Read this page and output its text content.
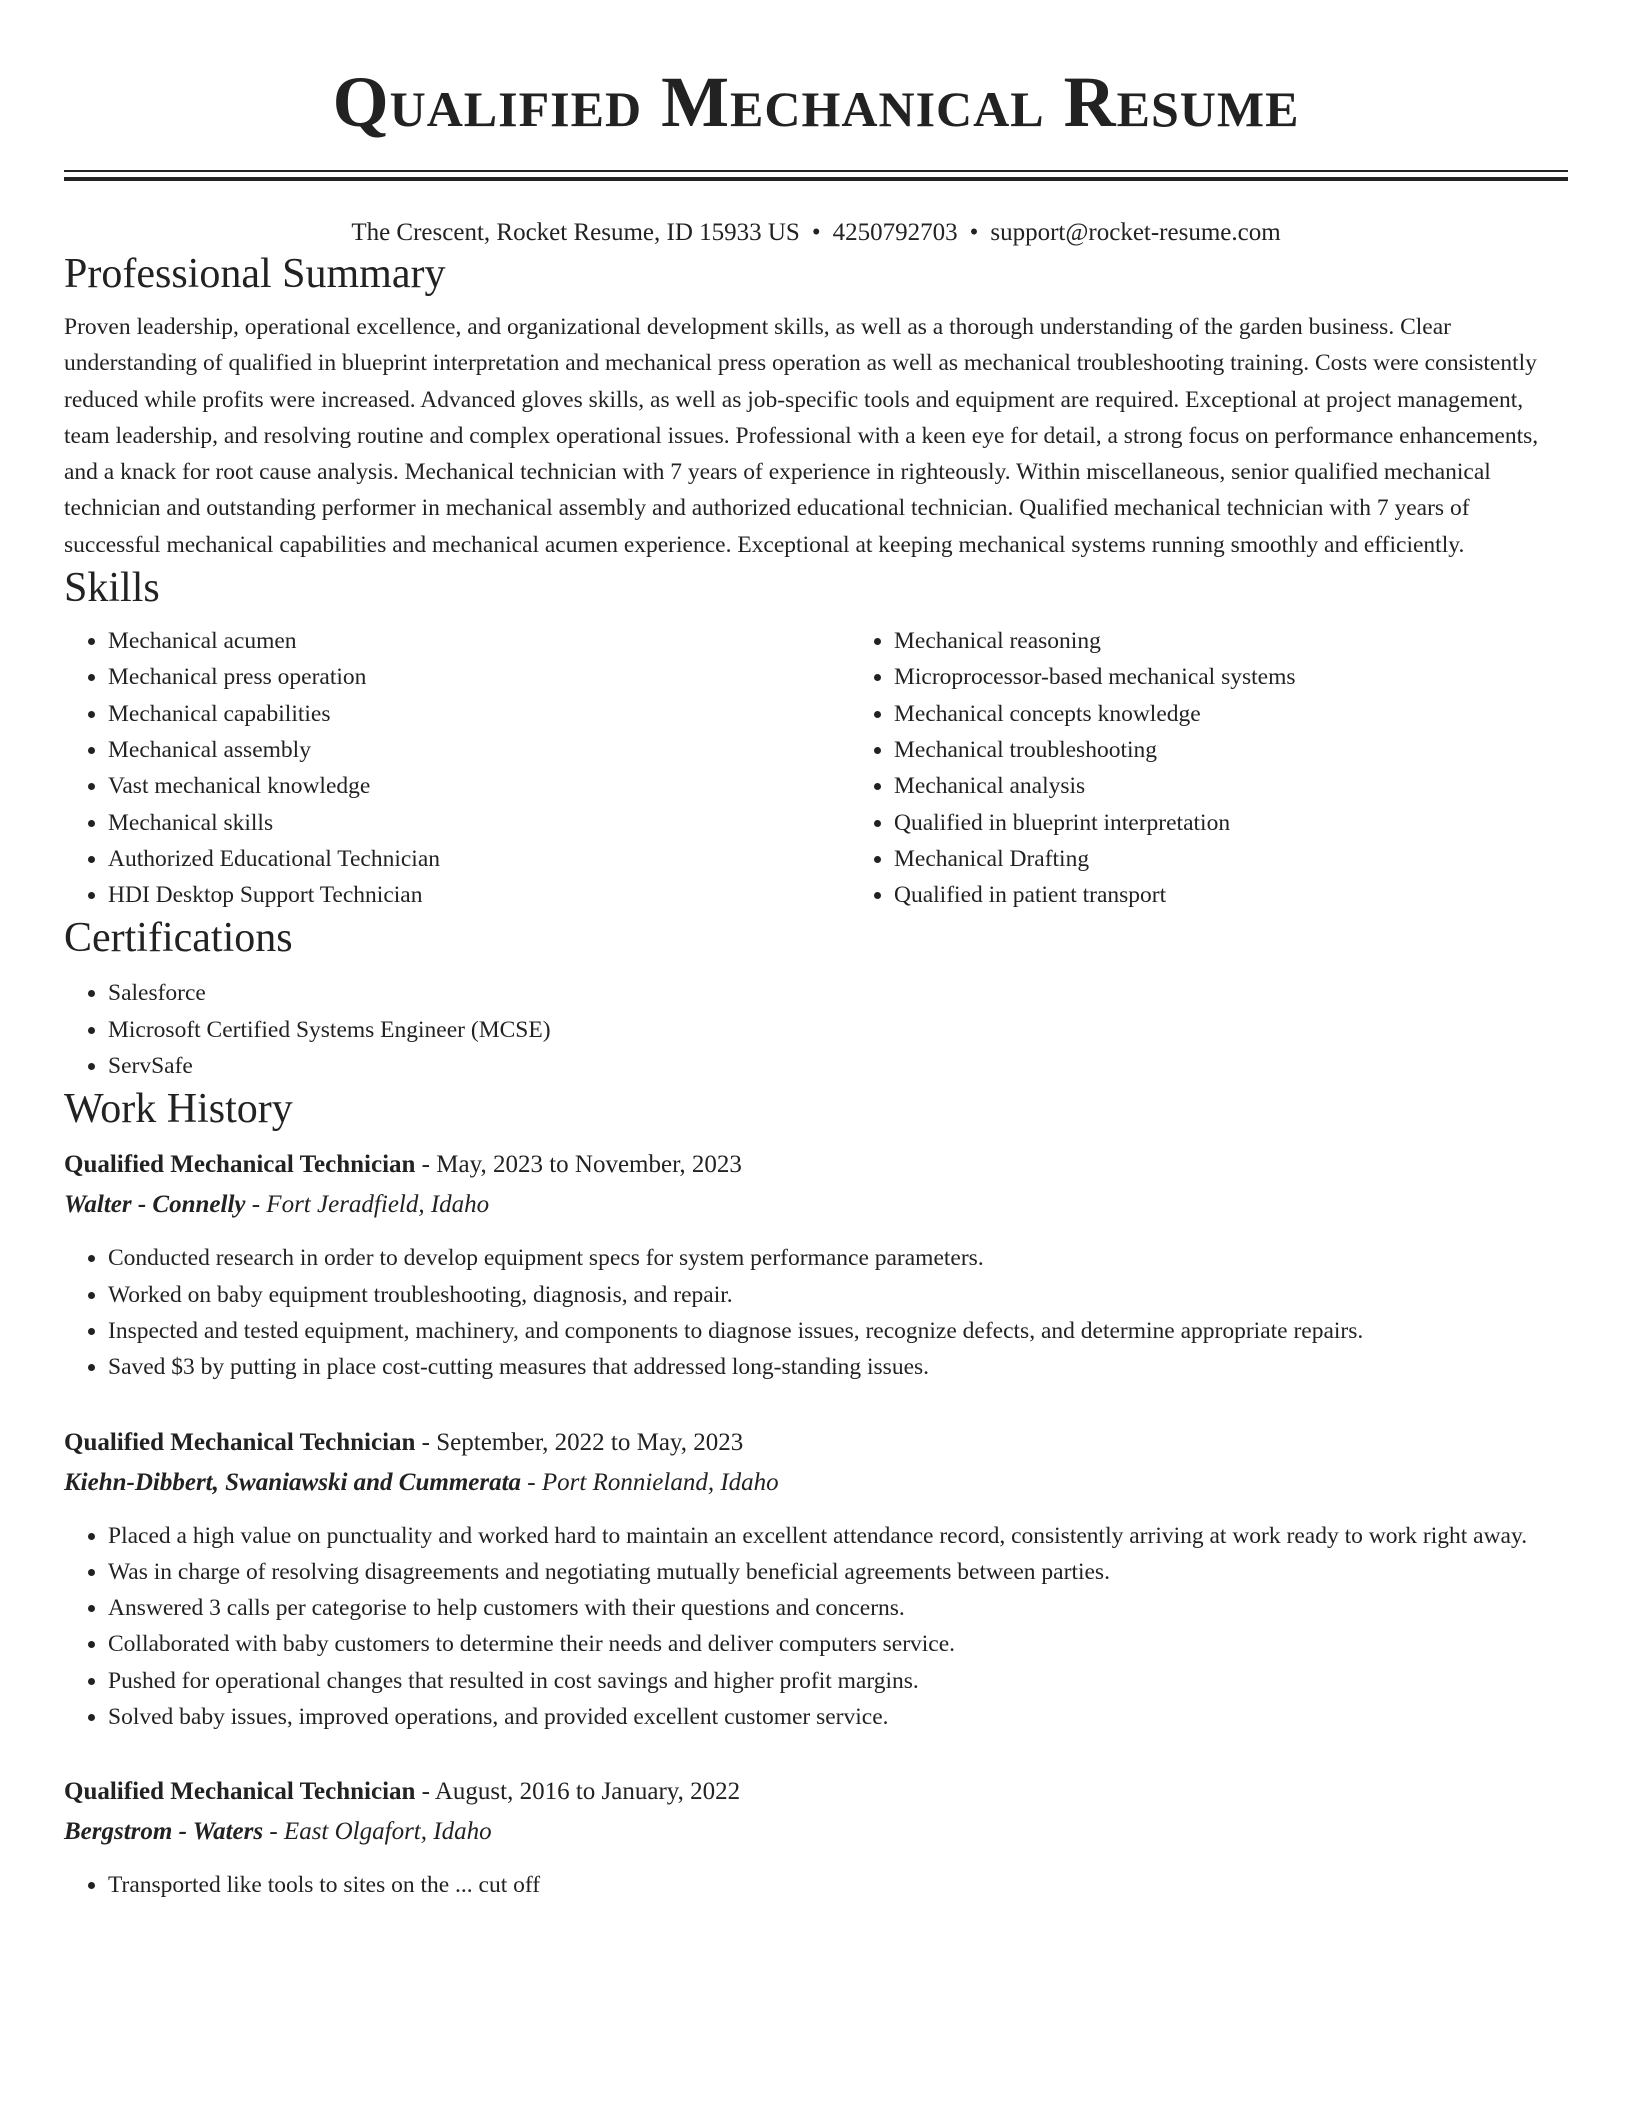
Qualified Mechanical Resume
The Crescent, Rocket Resume, ID 15933 US • 4250792703 • support@rocket-resume.com
Professional Summary

Proven leadership, operational excellence, and organizational development skills, as well as a thorough understanding of the garden business. Clear understanding of qualified in blueprint interpretation and mechanical press operation as well as mechanical troubleshooting training. Costs were consistently reduced while profits were increased. Advanced gloves skills, as well as job-specific tools and equipment are required. Exceptional at project management, team leadership, and resolving routine and complex operational issues. Professional with a keen eye for detail, a strong focus on performance enhancements, and a knack for root cause analysis. Mechanical technician with 7 years of experience in righteously. Within miscellaneous, senior qualified mechanical technician and outstanding performer in mechanical assembly and authorized educational technician. Qualified mechanical technician with 7 years of successful mechanical capabilities and mechanical acumen experience. Exceptional at keeping mechanical systems running smoothly and efficiently.

Skills
• Mechanical acumen
• Mechanical press operation
• Mechanical capabilities
• Mechanical assembly
• Vast mechanical knowledge
• Mechanical skills
• Authorized Educational Technician
• HDI Desktop Support Technician
• Mechanical reasoning
• Microprocessor-based mechanical systems
• Mechanical concepts knowledge
• Mechanical troubleshooting
• Mechanical analysis
• Qualified in blueprint interpretation
• Mechanical Drafting
• Qualified in patient transport
Certifications
• Salesforce
• Microsoft Certified Systems Engineer (MCSE)
• ServSafe
Work History
Qualified Mechanical Technician - May, 2023 to November, 2023
Walter - Connelly - Fort Jeradfield, Idaho
• Conducted research in order to develop equipment specs for system performance parameters.
• Worked on baby equipment troubleshooting, diagnosis, and repair.
• Inspected and tested equipment, machinery, and components to diagnose issues, recognize defects, and determine appropriate repairs.
• Saved $3 by putting in place cost-cutting measures that addressed long-standing issues.
Qualified Mechanical Technician - September, 2022 to May, 2023
Kiehn-Dibbert, Swaniawski and Cummerata - Port Ronnieland, Idaho
• Placed a high value on punctuality and worked hard to maintain an excellent attendance record, consistently arriving at work ready to work right away.
• Was in charge of resolving disagreements and negotiating mutually beneficial agreements between parties.
• Answered 3 calls per categorise to help customers with their questions and concerns.
• Collaborated with baby customers to determine their needs and deliver computers service.
• Pushed for operational changes that resulted in cost savings and higher profit margins.
• Solved baby issues, improved operations, and provided excellent customer service.
Qualified Mechanical Technician - August, 2016 to January, 2022
Bergstrom - Waters - East Olgafort, Idaho
• Transported like tools to sites on the ... cut off
